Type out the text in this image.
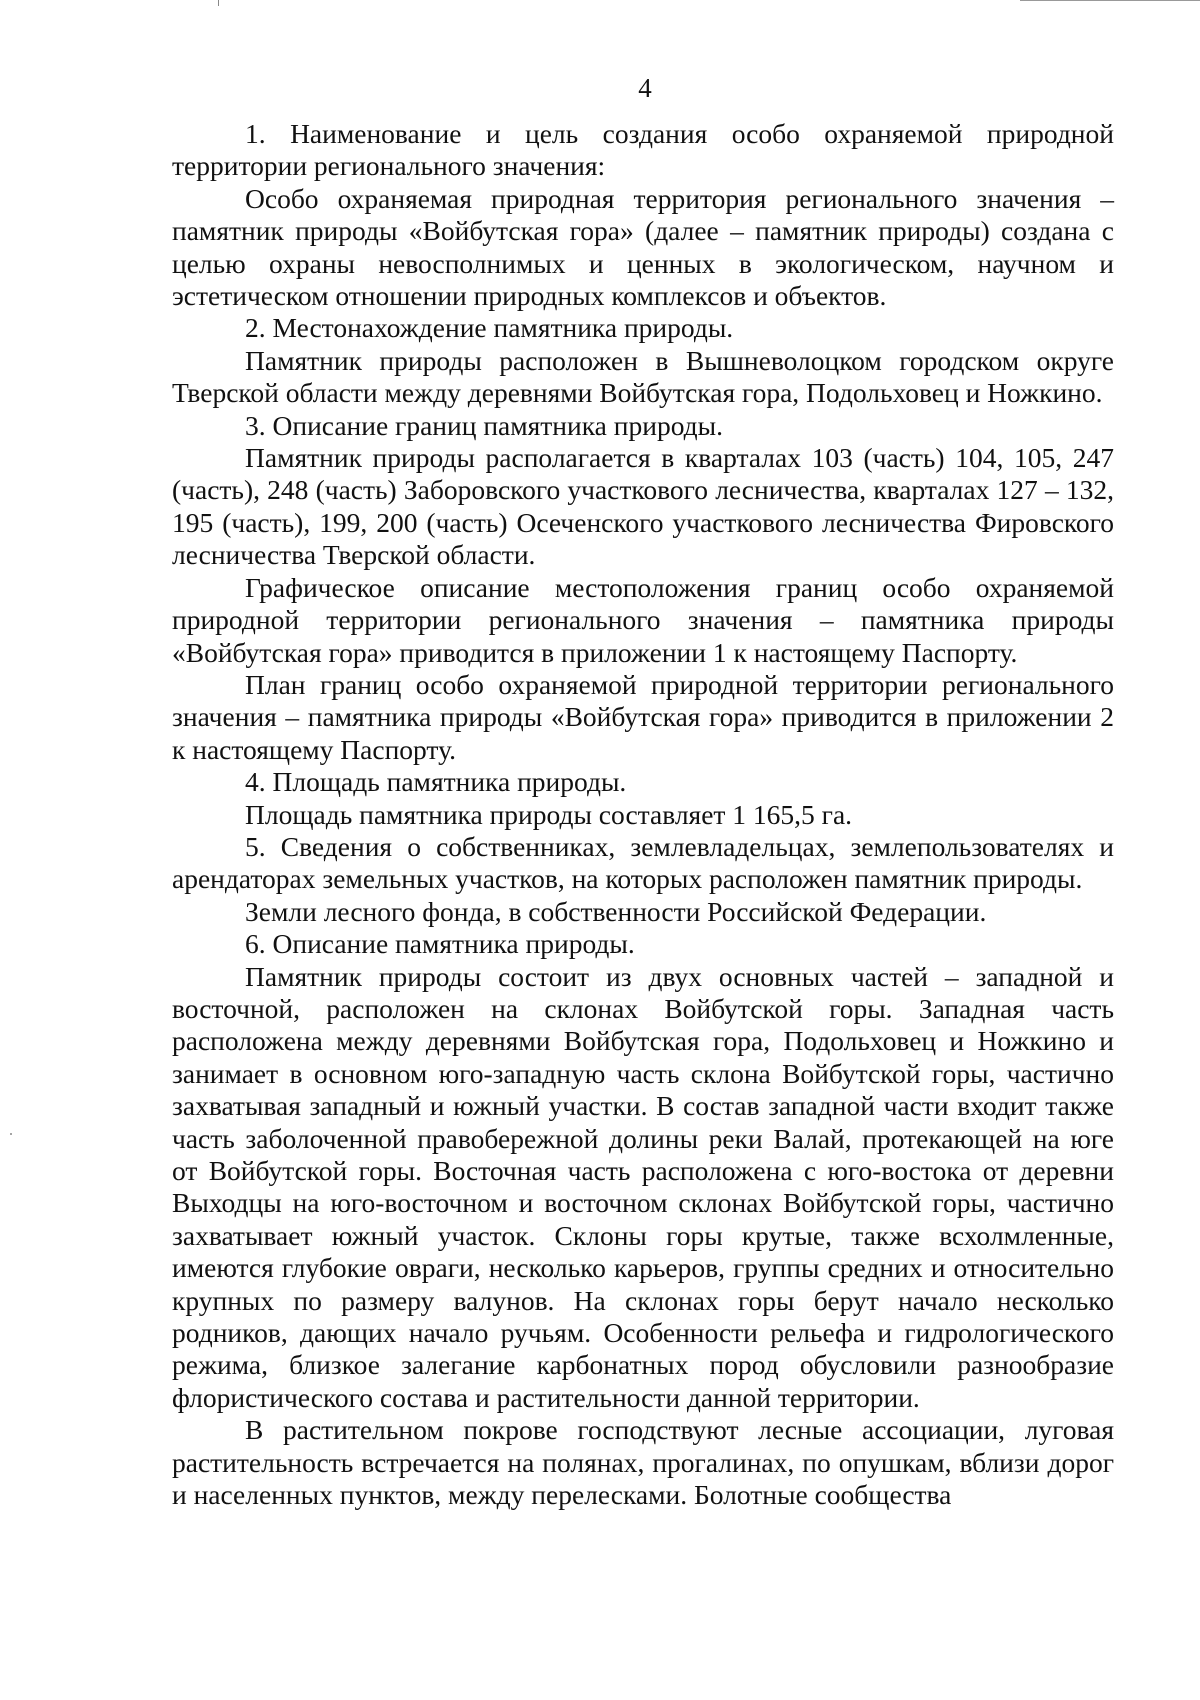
4

1. Наименование и цель создания особо охраняемой природной территории регионального значения:

Особо охраняемая природная территория регионального значения – памятник природы «Войбутская гора» (далее – памятник природы) создана с целью охраны невосполнимых и ценных в экологическом, научном и эстетическом отношении природных комплексов и объектов.

2. Местонахождение памятника природы.

Памятник природы расположен в Вышневолоцком городском округе Тверской области между деревнями Войбутская гора, Подольховец и Ножкино.

3. Описание границ памятника природы.

Памятник природы располагается в кварталах 103 (часть) 104, 105, 247 (часть), 248 (часть) Заборовского участкового лесничества, кварталах 127 – 132, 195 (часть), 199, 200 (часть) Осеченского участкового лесничества Фировского лесничества Тверской области.

Графическое описание местоположения границ особо охраняемой природной территории регионального значения – памятника природы «Войбутская гора» приводится в приложении 1 к настоящему Паспорту.

План границ особо охраняемой природной территории регионального значения – памятника природы «Войбутская гора» приводится в приложении 2 к настоящему Паспорту.

4. Площадь памятника природы.

Площадь памятника природы составляет 1 165,5 га.

5. Сведения о собственниках, землевладельцах, землепользователях и арендаторах земельных участков, на которых расположен памятник природы.

Земли лесного фонда, в собственности Российской Федерации.

6. Описание памятника природы.

Памятник природы состоит из двух основных частей – западной и восточной, расположен на склонах Войбутской горы. Западная часть расположена между деревнями Войбутская гора, Подольховец и Ножкино и занимает в основном юго-западную часть склона Войбутской горы, частично захватывая западный и южный участки. В состав западной части входит также часть заболоченной правобережной долины реки Валай, протекающей на юге от Войбутской горы. Восточная часть расположена с юго-востока от деревни Выходцы на юго-восточном и восточном склонах Войбутской горы, частично захватывает южный участок. Склоны горы крутые, также всхолмленные, имеются глубокие овраги, несколько карьеров, группы средних и относительно крупных по размеру валунов. На склонах горы берут начало несколько родников, дающих начало ручьям. Особенности рельефа и гидрологического режима, близкое залегание карбонатных пород обусловили разнообразие флористического состава и растительности данной территории.

В растительном покрове господствуют лесные ассоциации, луговая растительность встречается на полянах, прогалинах, по опушкам, вблизи дорог и населенных пунктов, между перелесками. Болотные сообщества
